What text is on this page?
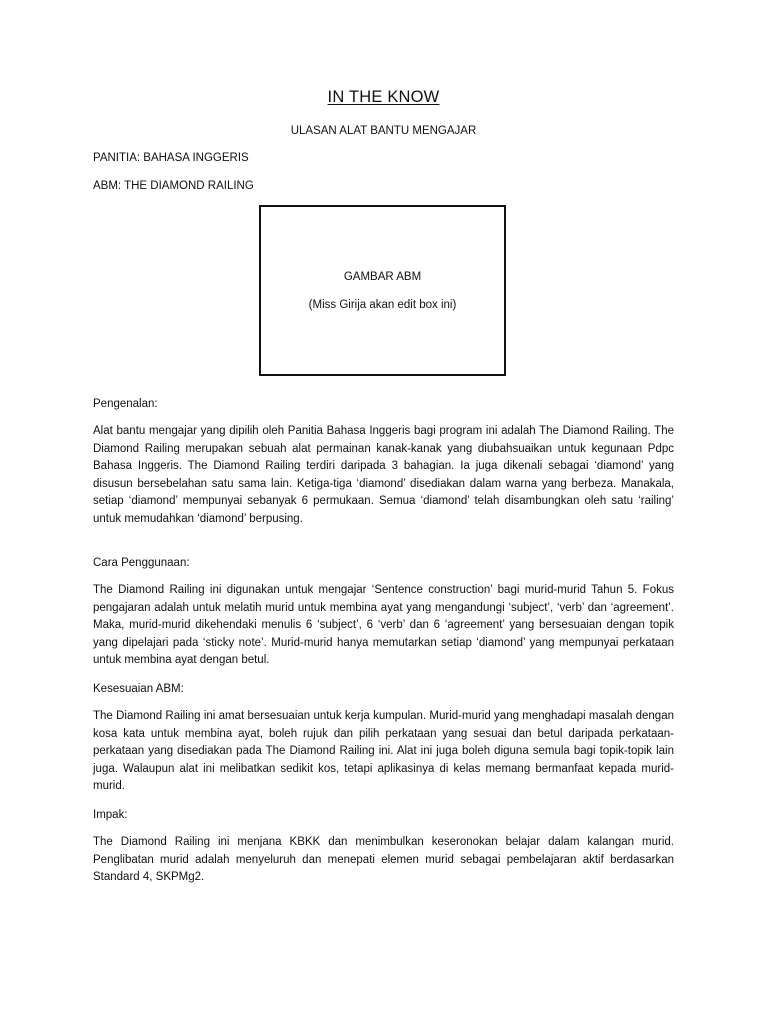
IN THE KNOW
ULASAN ALAT BANTU MENGAJAR
PANITIA: BAHASA INGGERIS
ABM: THE DIAMOND RAILING
GAMBAR ABM
(Miss Girija akan edit box ini)
Pengenalan:

Alat bantu mengajar yang dipilih oleh Panitia Bahasa Inggeris bagi program ini adalah The Diamond Railing. The Diamond Railing merupakan sebuah alat permainan kanak-kanak yang diubahsuaikan untuk kegunaan Pdpc Bahasa Inggeris. The Diamond Railing terdiri daripada 3 bahagian. Ia juga dikenali sebagai ‘diamond’ yang disusun bersebelahan satu sama lain. Ketiga-tiga ‘diamond’ disediakan dalam warna yang berbeza. Manakala, setiap ‘diamond’ mempunyai sebanyak 6 permukaan. Semua ‘diamond’ telah disambungkan oleh satu ‘railing’ untuk memudahkan ‘diamond’ berpusing.

Cara Penggunaan:

The Diamond Railing ini digunakan untuk mengajar ‘Sentence construction’ bagi murid-murid Tahun 5. Fokus pengajaran adalah untuk melatih murid untuk membina ayat yang mengandungi ‘subject’, ‘verb’ dan ‘agreement’. Maka, murid-murid dikehendaki menulis 6 ‘subject’, 6 ‘verb’ dan 6 ‘agreement’ yang bersesuaian dengan topik yang dipelajari pada ‘sticky note’. Murid-murid hanya memutarkan setiap ‘diamond’ yang mempunyai perkataan untuk membina ayat dengan betul.

Kesesuaian ABM:

The Diamond Railing ini amat bersesuaian untuk kerja kumpulan. Murid-murid yang menghadapi masalah dengan kosa kata untuk membina ayat, boleh rujuk dan pilih perkataan yang sesuai dan betul daripada perkataan-perkataan yang disediakan pada The Diamond Railing ini. Alat ini juga boleh diguna semula bagi topik-topik lain juga. Walaupun alat ini melibatkan sedikit kos, tetapi aplikasinya di kelas memang bermanfaat kepada murid-murid.

Impak:

The Diamond Railing ini menjana KBKK dan menimbulkan keseronokan belajar dalam kalangan murid. Penglibatan murid adalah menyeluruh dan menepati elemen murid sebagai pembelajaran aktif berdasarkan Standard 4, SKPMg2.
